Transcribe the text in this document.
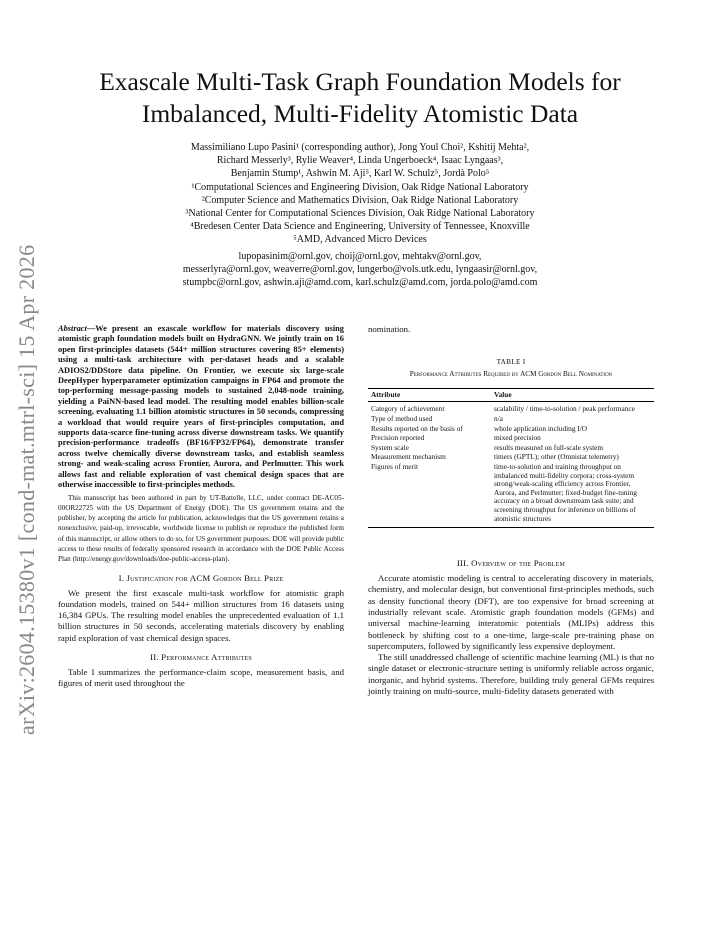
arXiv:2604.15380v1 [cond-mat.mtrl-sci] 15 Apr 2026
Exascale Multi-Task Graph Foundation Models for Imbalanced, Multi-Fidelity Atomistic Data
Massimiliano Lupo Pasini¹ (corresponding author), Jong Youl Choi², Kshitij Mehta²,
Richard Messerly³, Rylie Weaver⁴, Linda Ungerboeck⁴, Isaac Lyngaas³,
Benjamin Stump¹, Ashwin M. Aji⁵, Karl W. Schulz⁵, Jordà Polo⁵
¹Computational Sciences and Engineering Division, Oak Ridge National Laboratory
²Computer Science and Mathematics Division, Oak Ridge National Laboratory
³National Center for Computational Sciences Division, Oak Ridge National Laboratory
⁴Bredesen Center Data Science and Engineering, University of Tennessee, Knoxville
⁵AMD, Advanced Micro Devices
lupopasinim@ornl.gov, choij@ornl.gov, mehtakv@ornl.gov,
messerlyra@ornl.gov, weaverre@ornl.gov, lungerbo@vols.utk.edu, lyngaasir@ornl.gov,
stumpbc@ornl.gov, ashwin.aji@amd.com, karl.schulz@amd.com, jorda.polo@amd.com

Abstract—We present an exascale workflow for materials discovery using atomistic graph foundation models built on HydraGNN. We jointly train on 16 open first-principles datasets (544+ million structures covering 85+ elements) using a multi-task architecture with per-dataset heads and a scalable ADIOS2/DDStore data pipeline. On Frontier, we execute six large-scale DeepHyper hyperparameter optimization campaigns in FP64 and promote the top-performing message-passing models to sustained 2,048-node training, yielding a PaiNN-based lead model. The resulting model enables billion-scale screening, evaluating 1.1 billion atomistic structures in 50 seconds, compressing a workload that would require years of first-principles computation, and supports data-scarce fine-tuning across diverse downstream tasks. We quantify precision-performance tradeoffs (BF16/FP32/FP64), demonstrate transfer across twelve chemically diverse downstream tasks, and establish seamless strong- and weak-scaling across Frontier, Aurora, and Perlmutter. This work allows fast and reliable exploration of vast chemical design spaces that are otherwise inaccessible to first-principles methods.

This manuscript has been authored in part by UT-Battelle, LLC, under contract DE-AC05-00OR22725 with the US Department of Energy (DOE). The US government retains and the publisher, by accepting the article for publication, acknowledges that the US government retains a nonexclusive, paid-up, irrevocable, worldwide license to publish or reproduce the published form of this manuscript, or allow others to do so, for US government purposes. DOE will provide public access to these results of federally sponsored research in accordance with the DOE Public Access Plan (http://energy.gov/downloads/doe-public-access-plan).

I. Justification for ACM Gordon Bell Prize

We present the first exascale multi-task workflow for atomistic graph foundation models, trained on 544+ million structures from 16 datasets using 16,384 GPUs. The resulting model enables the unprecedented evaluation of 1.1 billion structures in 50 seconds, accelerating materials discovery by enabling rapid exploration of vast chemical design spaces.

II. Performance Attributes

Table I summarizes the performance-claim scope, measurement basis, and figures of merit used throughout the

nomination.

TABLE I
Performance Attributes Required by ACM Gordon Bell Nomination
Attribute	Value
Category of achievement	scalability / time-to-solution / peak performance
Type of method used	n/a
Results reported on the basis of	whole application including I/O
Precision reported	mixed precision
System scale	results measured on full-scale system
Measurement mechanism	timers (GPTL); other (Omnistat telemetry)
Figures of merit	time-to-solution and training throughput on imbalanced multi-fidelity corpora; cross-system strong/weak-scaling efficiency across Frontier, Aurora, and Perlmutter; fixed-budget fine-tuning accuracy on a broad downstream task suite; and screening throughput for inference on billions of atomistic structures
III. Overview of the Problem

Accurate atomistic modeling is central to accelerating discovery in materials, chemistry, and molecular design, but conventional first-principles methods, such as density functional theory (DFT), are too expensive for broad screening at industrially relevant scale. Atomistic graph foundation models (GFMs) and universal machine-learning interatomic potentials (MLIPs) address this bottleneck by shifting cost to a one-time, large-scale pre-training phase on supercomputers, followed by significantly less expensive deployment.

The still unaddressed challenge of scientific machine learning (ML) is that no single dataset or electronic-structure setting is uniformly reliable across organic, inorganic, and hybrid systems. Therefore, building truly general GFMs requires jointly training on multi-source, multi-fidelity datasets generated with
